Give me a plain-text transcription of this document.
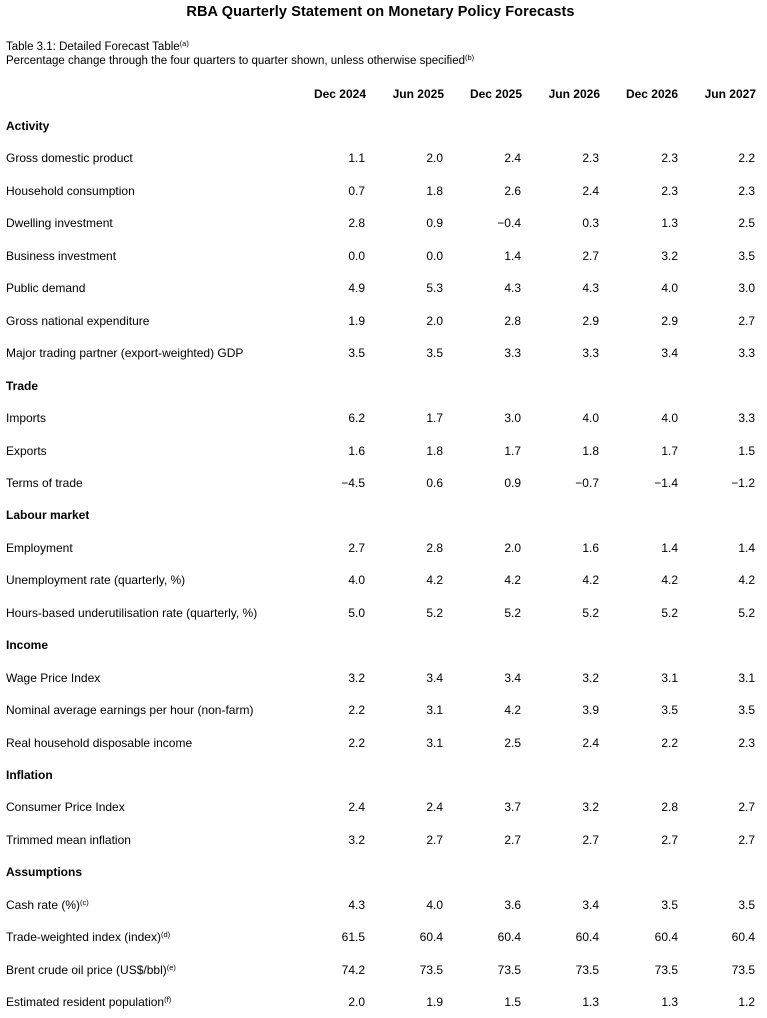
RBA Quarterly Statement on Monetary Policy Forecasts
Table 3.1: Detailed Forecast Table$^{(a)}$
Percentage change through the four quarters to quarter shown, unless otherwise specified$^{(b)}$
Dec 2024 Jun 2025 Dec 2025 Jun 2026 Dec 2026 Jun 2027
Activity
Gross domestic product	1.1	2.0	2.4	2.3	2.3	2.2
Household consumption	0.7	1.8	2.6	2.4	2.3	2.3
Dwelling investment	2.8	0.9	−0.4	0.3	1.3	2.5
Business investment	0.0	0.0	1.4	2.7	3.2	3.5
Public demand	4.9	5.3	4.3	4.3	4.0	3.0
Gross national expenditure	1.9	2.0	2.8	2.9	2.9	2.7
Major trading partner (export-weighted) GDP	3.5	3.5	3.3	3.3	3.4	3.3
Trade
Imports	6.2	1.7	3.0	4.0	4.0	3.3
Exports	1.6	1.8	1.7	1.8	1.7	1.5
Terms of trade	−4.5	0.6	0.9	−0.7	−1.4	−1.2
Labour market
Employment	2.7	2.8	2.0	1.6	1.4	1.4
Unemployment rate (quarterly, %)	4.0	4.2	4.2	4.2	4.2	4.2
Hours-based underutilisation rate (quarterly, %)	5.0	5.2	5.2	5.2	5.2	5.2
Income
Wage Price Index	3.2	3.4	3.4	3.2	3.1	3.1
Nominal average earnings per hour (non-farm)	2.2	3.1	4.2	3.9	3.5	3.5
Real household disposable income	2.2	3.1	2.5	2.4	2.2	2.3
Inflation
Consumer Price Index	2.4	2.4	3.7	3.2	2.8	2.7
Trimmed mean inflation	3.2	2.7	2.7	2.7	2.7	2.7
Assumptions
Cash rate (%)$^{(c)}$	4.3	4.0	3.6	3.4	3.5	3.5
Trade-weighted index (index)$^{(d)}$	61.5	60.4	60.4	60.4	60.4	60.4
Brent crude oil price (US$/bbl)$^{(e)}$	74.2	73.5	73.5	73.5	73.5	73.5
Estimated resident population$^{(f)}$	2.0	1.9	1.5	1.3	1.3	1.2
